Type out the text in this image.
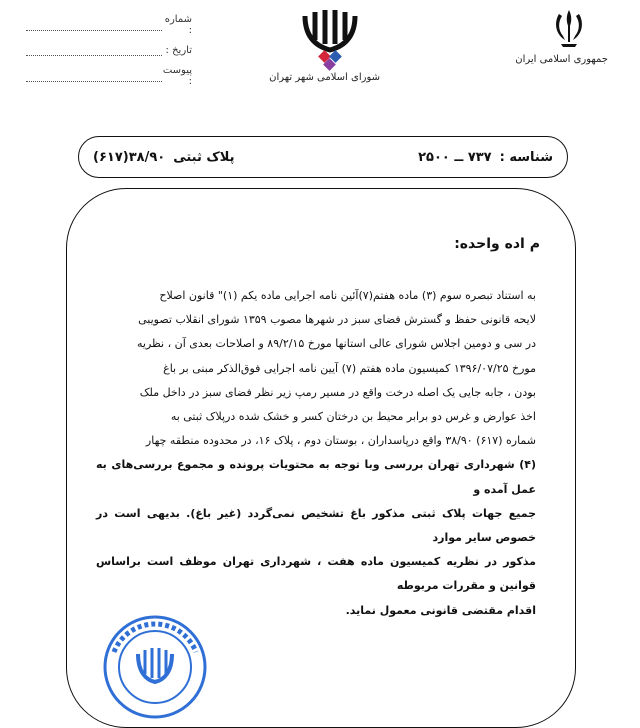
جمهوری اسلامی ایران
شورای اسلامی شهر تهران
شماره :
تاریخ :
پیوست :
شناسه :
۷۳۷ ــ ۲۵۰۰
پلاک ثبتی
۳۸/۹۰(۶۱۷)
م اده واحده:

به استناد تبصره سوم (۳) ماده هفتم(۷)آئین نامه اجرایی ماده یکم (۱)" قانون اصلاح

لایحه قانونی حفظ و گسترش فضای سبز در شهرها مصوب ۱۳۵۹ شورای انقلاب تصویبی

در سی و دومین اجلاس شورای عالی استانها مورخ ۸۹/۲/۱۵ و اصلاحات بعدی آن ، نظریه

مورخ ۱۳۹۶/۰۷/۲۵ کمیسیون ماده هفتم (۷) آیین نامه اجرایی فوق‌الذکر مبنی بر باغ

بودن ، جابه جایی یک اصله درخت واقع در مسیر رمپ زیر نظر فضای سبز در داخل ملک

اخذ عوارض و غرس دو برابر محیط بن درختان کسر و خشک شده درپلاک ثبتی به

شماره (۶۱۷) ۳۸/۹۰ واقع درپاسداران ، بوستان دوم ، پلاک ۱۶، در محدوده منطقه چهار

(۴) شهرداری تهران بررسی وبا توجه به محتویات پرونده و مجموع بررسی‌های به عمل آمده و

جمیع جهات پلاک ثبتی مذکور باغ تشخیص نمی‌گردد (غیر باغ). بدیهی است در خصوص سایر موارد

مذکور در نظریه کمیسیون ماده هفت ، شهرداری تهران موظف است براساس قوانین و مقررات مربوطه

اقدام مقتضی قانونی معمول نماید.
